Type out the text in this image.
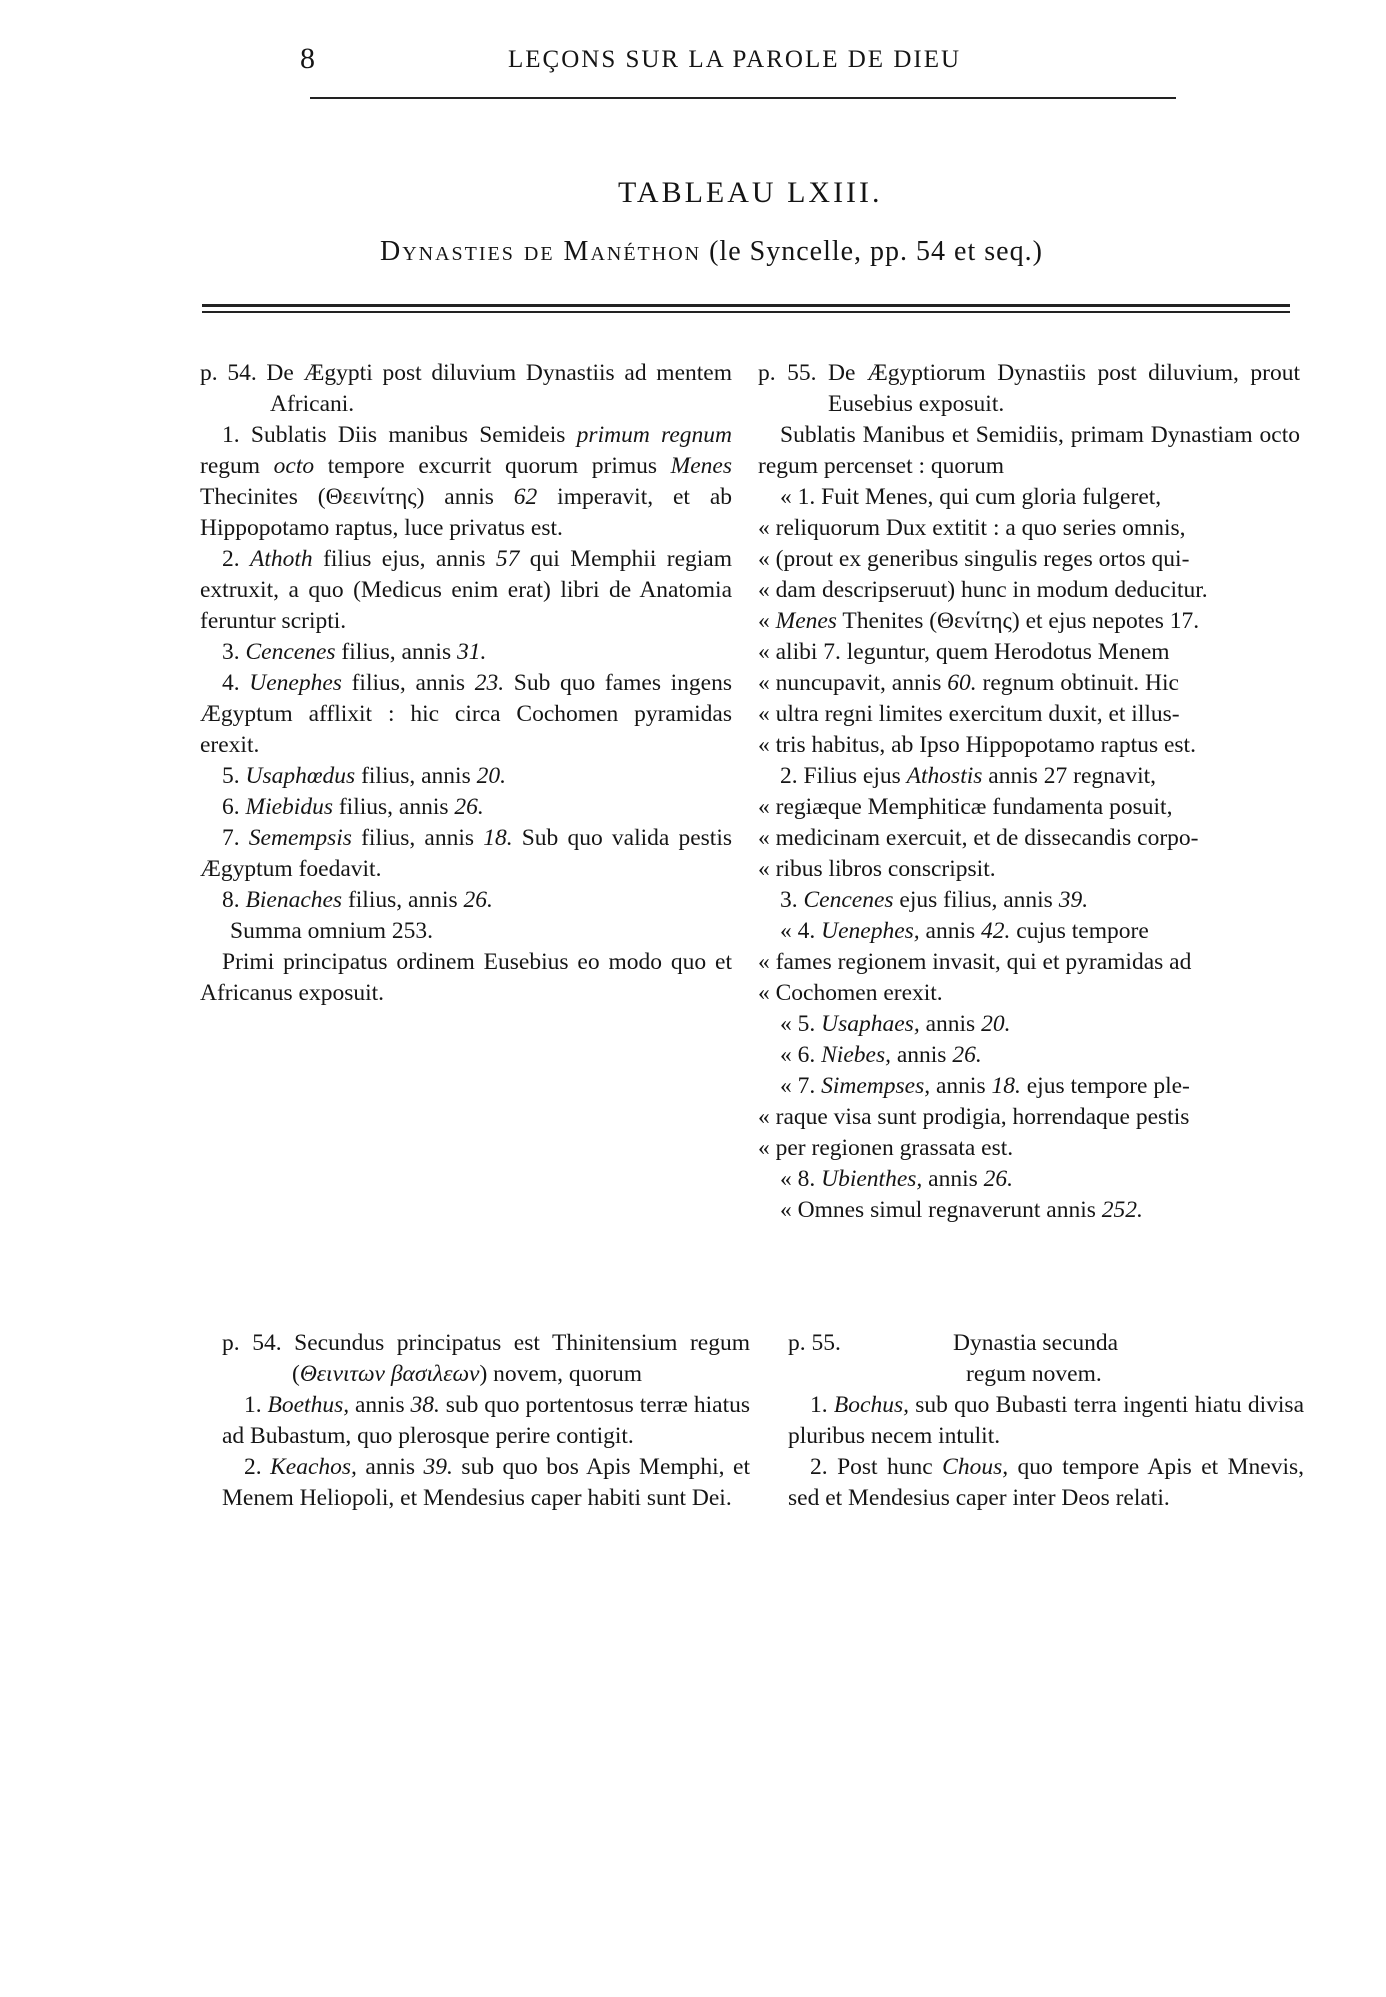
8	LEÇONS SUR LA PAROLE DE DIEU
TABLEAU LXIII.
Dynasties de Manéthon (le Syncelle, pp. 54 et seq.)

p. 54. De Ægypti post diluvium Dynastiis ad mentem Africani.

1. Sublatis Diis manibus Semideis primum regnum regum octo tempore excurrit quorum primus Menes Thecinites (Θεεινίτης) annis 62 imperavit, et ab Hippopotamo raptus, luce privatus est.

2. Athoth filius ejus, annis 57 qui Memphii regiam extruxit, a quo (Medicus enim erat) libri de Anatomia feruntur scripti.

3. Cencenes filius, annis 31.

4. Uenephes filius, annis 23. Sub quo fames ingens Ægyptum afflixit : hic circa Cochomen pyramidas erexit.

5. Usaphœdus filius, annis 20.

6. Miebidus filius, annis 26.

7. Semempsis filius, annis 18. Sub quo valida pestis Ægyptum foedavit.

8. Bienaches filius, annis 26.

Summa omnium 253.

Primi principatus ordinem Eusebius eo modo quo et Africanus exposuit.

p. 55. De Ægyptiorum Dynastiis post diluvium, prout Eusebius exposuit.

Sublatis Manibus et Semidiis, primam Dynastiam octo regum percenset : quorum

« 1. Fuit Menes, qui cum gloria fulgeret,

« reliquorum Dux extitit : a quo series omnis,

« (prout ex generibus singulis reges ortos qui-

« dam descripseruut) hunc in modum deducitur.

« Menes Thenites (Θενίτης) et ejus nepotes 17.

« alibi 7. leguntur, quem Herodotus Menem

« nuncupavit, annis 60. regnum obtinuit. Hic

« ultra regni limites exercitum duxit, et illus-

« tris habitus, ab Ipso Hippopotamo raptus est.

2. Filius ejus Athostis annis 27 regnavit,

« regiæque Memphiticæ fundamenta posuit,

« medicinam exercuit, et de dissecandis corpo-

« ribus libros conscripsit.

3. Cencenes ejus filius, annis 39.

« 4. Uenephes, annis 42. cujus tempore

« fames regionem invasit, qui et pyramidas ad

« Cochomen erexit.

« 5. Usaphaes, annis 20.

« 6. Niebes, annis 26.

« 7. Simempses, annis 18. ejus tempore ple-

« raque visa sunt prodigia, horrendaque pestis

« per regionen grassata est.

« 8. Ubienthes, annis 26.

« Omnes simul regnaverunt annis 252.

p. 54. Secundus principatus est Thinitensium regum (Θεινιτων βασιλεων) novem, quorum

1. Boethus, annis 38. sub quo portentosus terræ hiatus ad Bubastum, quo plerosque perire contigit.

2. Keachos, annis 39. sub quo bos Apis Memphi, et Menem Heliopoli, et Mendesius caper habiti sunt Dei.

p. 55.	Dynastia secunda
regum novem.

1. Bochus, sub quo Bubasti terra ingenti hiatu divisa pluribus necem intulit.

2. Post hunc Chous, quo tempore Apis et Mnevis, sed et Mendesius caper inter Deos relati.
